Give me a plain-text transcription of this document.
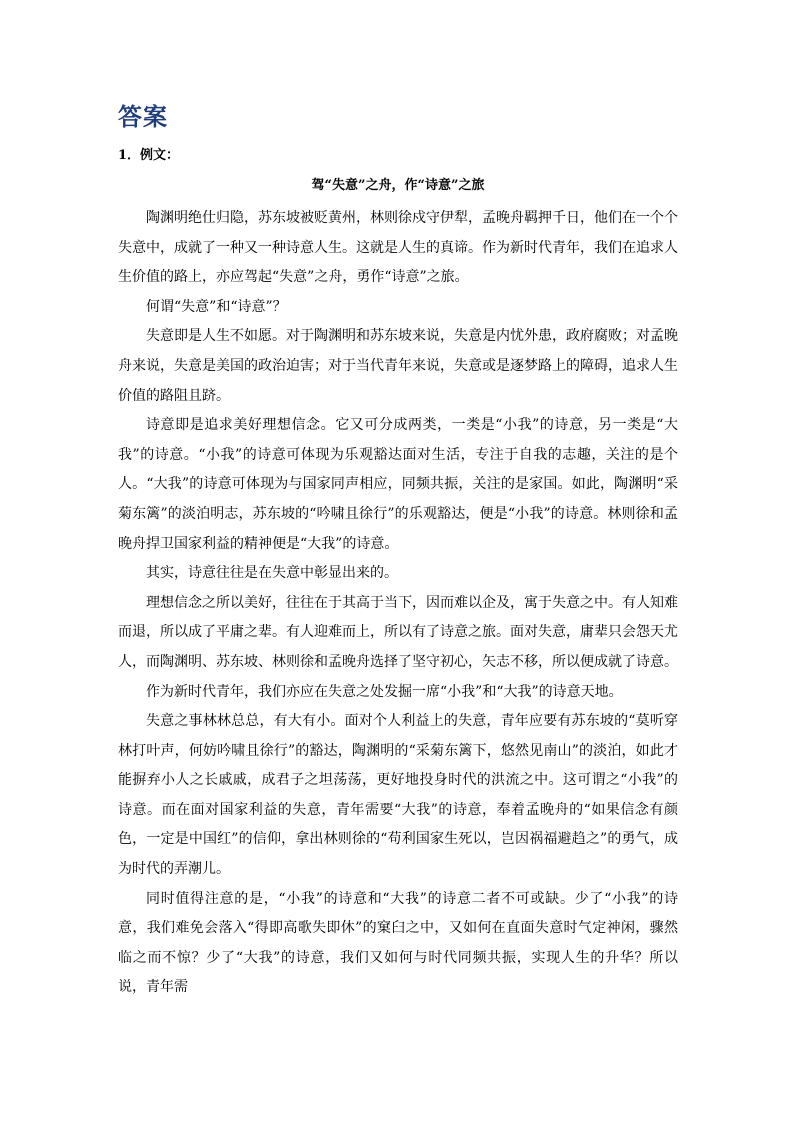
答案
1．例文：
驾“失意”之舟，作“诗意”之旅

陶渊明绝仕归隐，苏东坡被贬黄州，林则徐戍守伊犁，孟晚舟羁押千日，他们在一个个失意中，成就了一种又一种诗意人生。这就是人生的真谛。作为新时代青年，我们在追求人生价值的路上，亦应驾起“失意”之舟，勇作“诗意”之旅。

何谓“失意”和“诗意”？

失意即是人生不如愿。对于陶渊明和苏东坡来说，失意是内忧外患，政府腐败；对孟晚舟来说，失意是美国的政治迫害；对于当代青年来说，失意或是逐梦路上的障碍，追求人生价值的路阻且跻。

诗意即是追求美好理想信念。它又可分成两类，一类是“小我”的诗意，另一类是“大我”的诗意。“小我”的诗意可体现为乐观豁达面对生活，专注于自我的志趣，关注的是个人。“大我”的诗意可体现为与国家同声相应，同频共振，关注的是家国。如此，陶渊明“采菊东篱”的淡泊明志，苏东坡的“吟啸且徐行”的乐观豁达，便是“小我”的诗意。林则徐和孟晚舟捍卫国家利益的精神便是“大我”的诗意。

其实，诗意往往是在失意中彰显出来的。

理想信念之所以美好，往往在于其高于当下，因而难以企及，寓于失意之中。有人知难而退，所以成了平庸之辈。有人迎难而上，所以有了诗意之旅。面对失意，庸辈只会怨天尤人，而陶渊明、苏东坡、林则徐和孟晚舟选择了坚守初心，矢志不移，所以便成就了诗意。

作为新时代青年，我们亦应在失意之处发掘一席“小我”和“大我”的诗意天地。

失意之事林林总总，有大有小。面对个人利益上的失意，青年应要有苏东坡的“莫听穿林打叶声，何妨吟啸且徐行”的豁达，陶渊明的“采菊东篱下，悠然见南山”的淡泊，如此才能摒弃小人之长戚戚，成君子之坦荡荡，更好地投身时代的洪流之中。这可谓之“小我”的诗意。而在面对国家利益的失意，青年需要“大我”的诗意，奉着孟晚舟的“如果信念有颜色，一定是中国红”的信仰，拿出林则徐的“苟利国家生死以，岂因祸福避趋之”的勇气，成为时代的弄潮儿。

同时值得注意的是，“小我”的诗意和“大我”的诗意二者不可或缺。少了“小我”的诗意，我们难免会落入“得即高歌失即休”的窠臼之中，又如何在直面失意时气定神闲，骤然临之而不惊？少了“大我”的诗意，我们又如何与时代同频共振，实现人生的升华？所以说，青年需
